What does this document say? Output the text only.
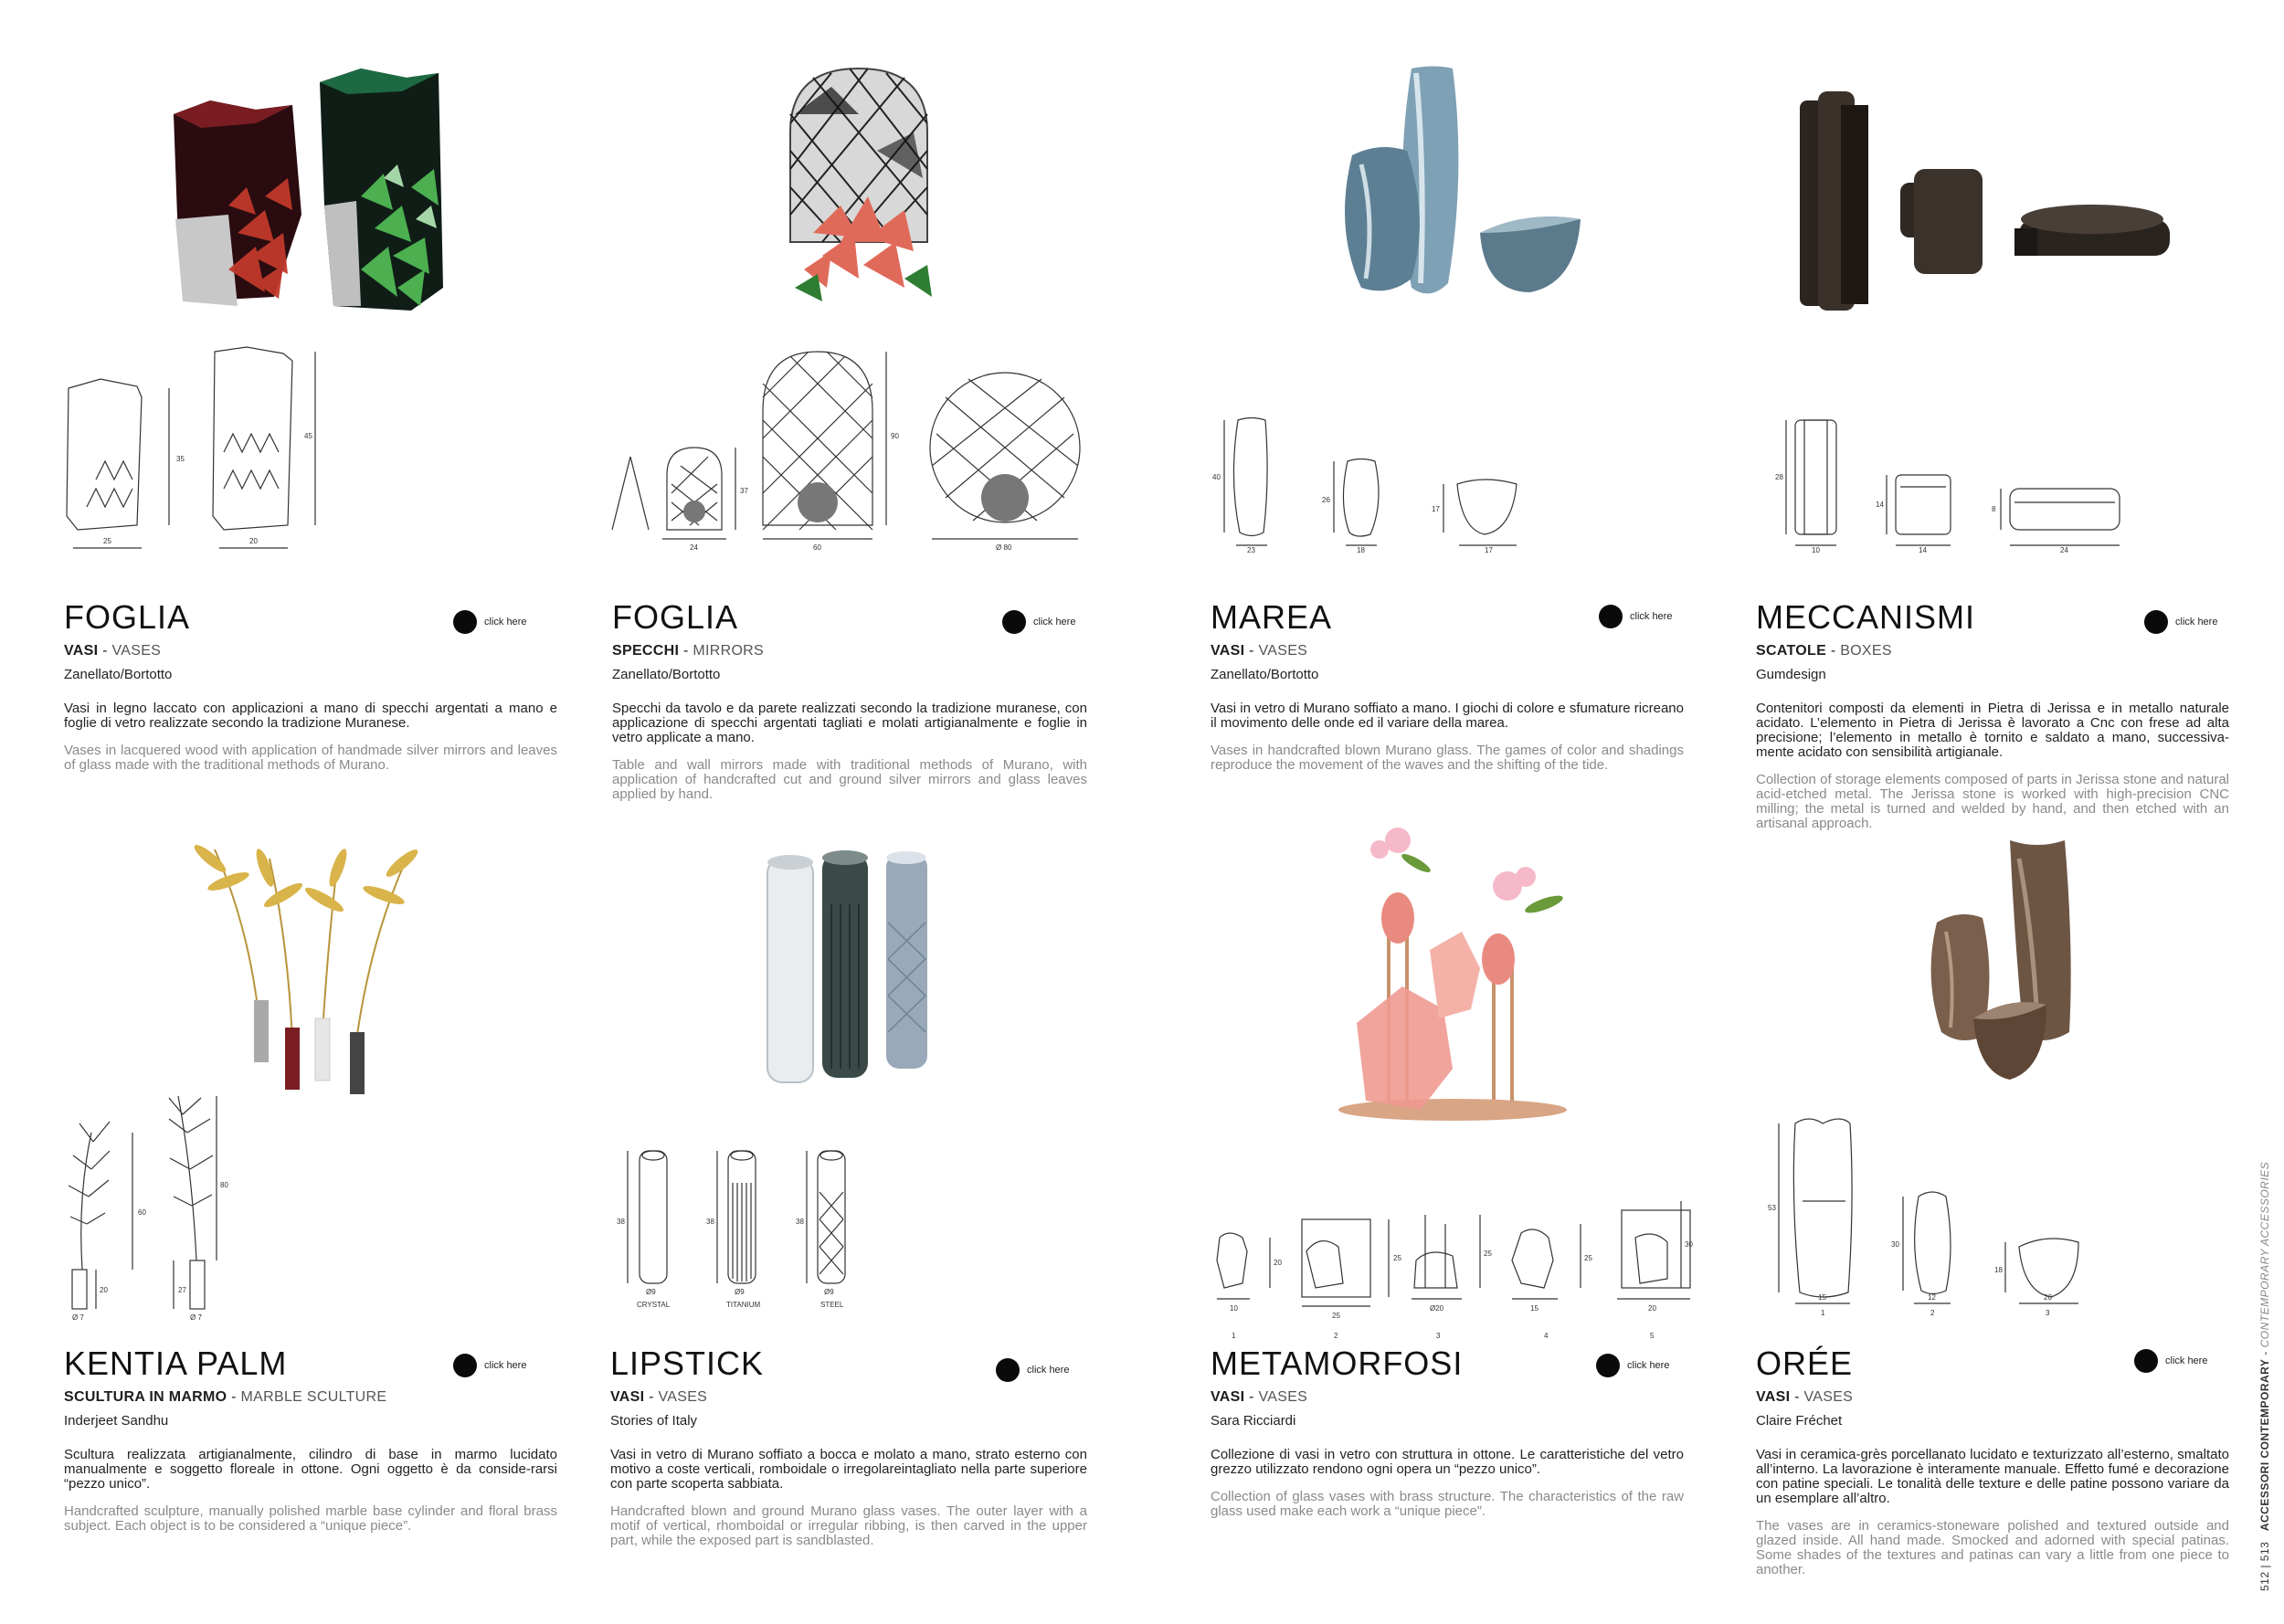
25
35
20
45
24
37
60
90
Ø 80
40
23
26
18
17
17
28
10
14
14
8
24
60
20
Ø 7
80
27
Ø 7
38
Ø9
CRYSTAL
38
Ø9
TITANIUM
38
Ø9
STEEL
20
10
1
25
25
2
25
Ø20
3
25
15
4
30
20
5
53
15
1
30
12
2
18
20
3
FOGLIA
VASI - VASES
Zanellato/Bortotto
Vasi in legno laccato con applicazioni a mano di specchi argentati a mano e foglie di vetro realizzate secondo la tradizione Muranese.
Vases in lacquered wood with application of handmade silver mirrors and leaves of glass made with the traditional methods of Murano.
click here	FOGLIA
SPECCHI - MIRRORS
Zanellato/Bortotto
Specchi da tavolo e da parete realizzati secondo la tradizione muranese, con applicazione di specchi argentati tagliati e molati artigianalmente e foglie in vetro applicate a mano.
Table and wall mirrors made with traditional methods of Murano, with application of handcrafted cut and ground silver mirrors and glass leaves applied by hand.
click here	MAREA
VASI - VASES
Zanellato/Bortotto
Vasi in vetro di Murano soffiato a mano. I giochi di colore e sfumature ricreano il movimento delle onde ed il variare della marea.
Vases in handcrafted blown Murano glass. The games of color and shadings reproduce the movement of the waves and the shifting of the tide.
click here	MECCANISMI
SCATOLE - BOXES
Gumdesign
Contenitori composti da elementi in Pietra di Jerissa e in metallo naturale acidato. L’elemento in Pietra di Jerissa è lavorato a Cnc con frese ad alta precisione; l’elemento in metallo è tornito e saldato a mano, successiva-mente acidato con sensibilità artigianale.
Collection of storage elements composed of parts in Jerissa stone and natural acid-etched metal. The Jerissa stone is worked with high-precision CNC milling; the metal is turned and welded by hand, and then etched with an artisanal approach.
click here
KENTIA PALM
SCULTURA IN MARMO - MARBLE SCULTURE
Inderjeet Sandhu
Scultura realizzata artigianalmente, cilindro di base in marmo lucidato manualmente e soggetto floreale in ottone. Ogni oggetto è da conside-rarsi “pezzo unico”.
Handcrafted sculpture, manually polished marble base cylinder and floral brass subject. Each object is to be considered a “unique piece”.
click here	LIPSTICK
VASI - VASES
Stories of Italy
Vasi in vetro di Murano soffiato a bocca e molato a mano, strato esterno con motivo a coste verticali, romboidale o irregolareintagliato nella parte superiore con parte scoperta sabbiata.
Handcrafted blown and ground Murano glass vases. The outer layer with a motif of vertical, rhomboidal or irregular ribbing, is then carved in the upper part, while the exposed part is sandblasted.
click here	METAMORFOSI
VASI - VASES
Sara Ricciardi
Collezione di vasi in vetro con struttura in ottone. Le caratteristiche del vetro grezzo utilizzato rendono ogni opera un “pezzo unico”.
Collection of glass vases with brass structure. The characteristics of the raw glass used make each work a “unique piece”.
click here	ORÉE
VASI - VASES
Claire Fréchet
Vasi in ceramica-grès porcellanato lucidato e texturizzato all’esterno, smaltato all’interno. La lavorazione è interamente manuale. Effetto fumé e decorazione con patine speciali. Le tonalità delle texture e delle patine possono variare da un esemplare all’altro.
The vases are in ceramics-stoneware polished and textured outside and glazed inside. All hand made. Smocked and adorned with special patinas. Some shades of the textures and patinas can vary a little from one piece to another.
click here
512 | 513   ACCESSORI CONTEMPORARY - CONTEMPORARY ACCESSORIES
